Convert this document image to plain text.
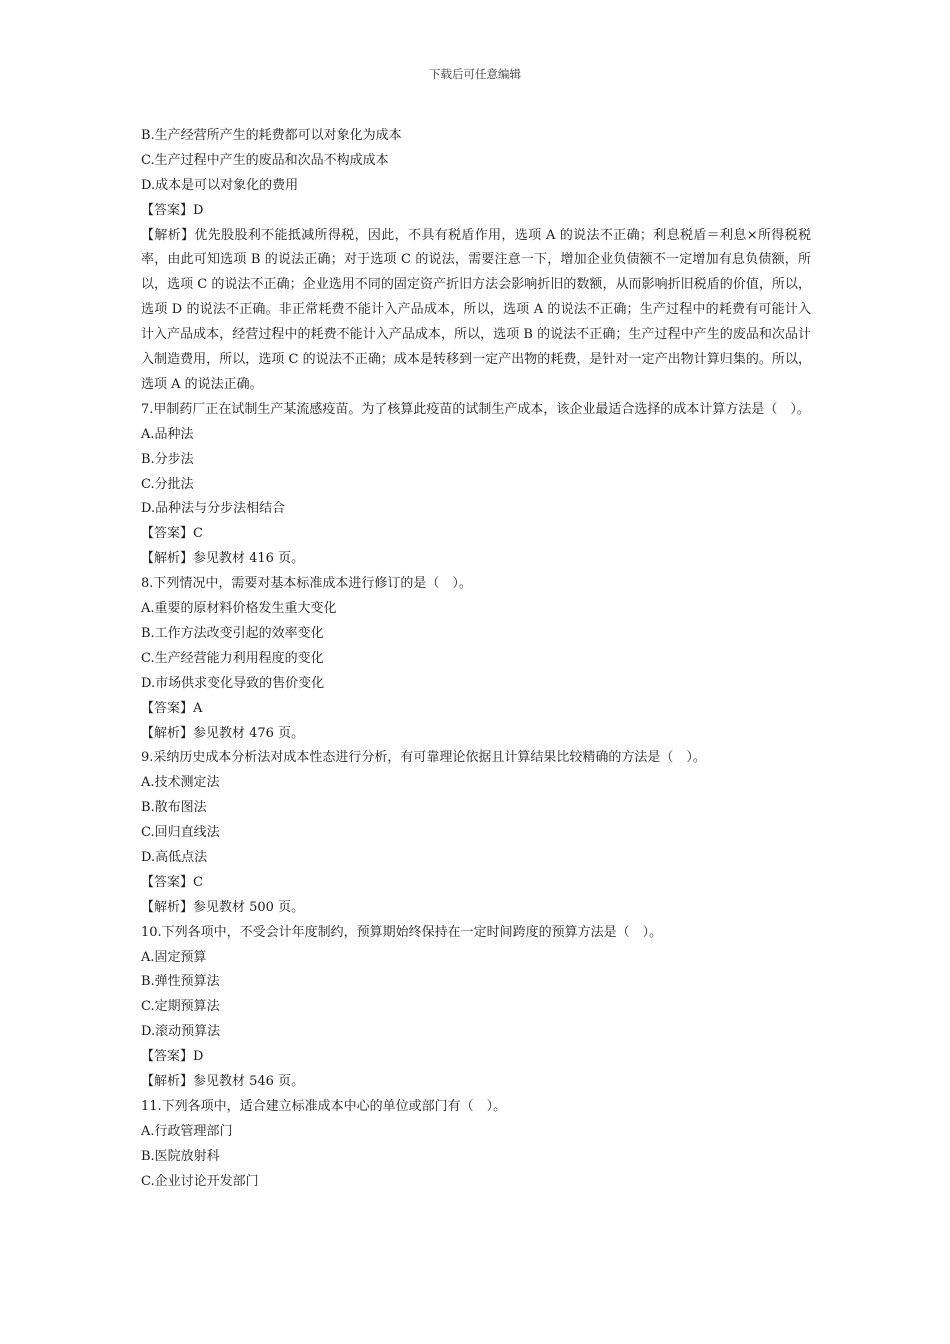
下载后可任意编辑
B.生产经营所产生的耗费都可以对象化为成本
C.生产过程中产生的废品和次品不构成成本
D.成本是可以对象化的费用
【答案】D
【解析】优先股股利不能抵减所得税，因此，不具有税盾作用，选项 A 的说法不正确；利息税盾＝利息×所得税税率，由此可知选项 B 的说法正确；对于选项 C 的说法，需要注意一下，增加企业负债额不一定增加有息负债额，所以，选项 C 的说法不正确；企业选用不同的固定资产折旧方法会影响折旧的数额，从而影响折旧税盾的价值，所以，选项 D 的说法不正确。非正常耗费不能计入产品成本，所以，选项 A 的说法不正确；生产过程中的耗费有可能计入计入产品成本，经营过程中的耗费不能计入产品成本，所以，选项 B 的说法不正确；生产过程中产生的废品和次品计入制造费用，所以，选项 C 的说法不正确；成本是转移到一定产出物的耗费，是针对一定产出物计算归集的。所以，选项 A 的说法正确。
7.甲制药厂正在试制生产某流感疫苗。为了核算此疫苗的试制生产成本，该企业最适合选择的成本计算方法是（　）。
A.品种法
B.分步法
C.分批法
D.品种法与分步法相结合
【答案】C
【解析】参见教材 416 页。
8.下列情况中，需要对基本标准成本进行修订的是（　）。
A.重要的原材料价格发生重大变化
B.工作方法改变引起的效率变化
C.生产经营能力利用程度的变化
D.市场供求变化导致的售价变化
【答案】A
【解析】参见教材 476 页。
9.采纳历史成本分析法对成本性态进行分析，有可靠理论依据且计算结果比较精确的方法是（　）。
A.技术测定法
B.散布图法
C.回归直线法
D.高低点法
【答案】C
【解析】参见教材 500 页。
10.下列各项中，不受会计年度制约，预算期始终保持在一定时间跨度的预算方法是（　）。
A.固定预算
B.弹性预算法
C.定期预算法
D.滚动预算法
【答案】D
【解析】参见教材 546 页。
11.下列各项中，适合建立标准成本中心的单位或部门有（　）。
A.行政管理部门
B.医院放射科
C.企业讨论开发部门
